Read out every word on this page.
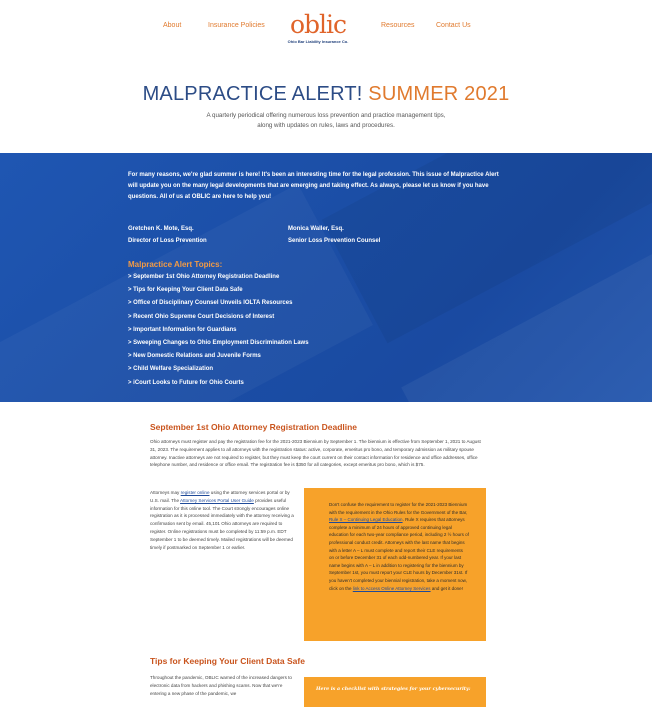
About	Insurance Policies oblic
Ohio Bar Liability Insurance Co.
Resources	Contact Us
MALPRACTICE ALERT! SUMMER 2021
A quarterly periodical offering numerous loss prevention and practice management tips,
along with updates on rules, laws and procedures.
For many reasons, we're glad summer is here! It's been an interesting time for the legal profession. This issue of Malpractice Alert will update you on the many legal developments that are emerging and taking effect. As always, please let us know if you have questions. All of us at OBLIC are here to help you!
Gretchen K. Mote, Esq.
Director of Loss Prevention
Monica Waller, Esq.
Senior Loss Prevention Counsel
Malpractice Alert Topics:
> September 1st Ohio Attorney Registration Deadline
> Tips for Keeping Your Client Data Safe
> Office of Disciplinary Counsel Unveils IOLTA Resources
> Recent Ohio Supreme Court Decisions of Interest
> Important Information for Guardians
> Sweeping Changes to Ohio Employment Discrimination Laws
> New Domestic Relations and Juvenile Forms
> Child Welfare Specialization
> iCourt Looks to Future for Ohio Courts
September 1st Ohio Attorney Registration Deadline
Ohio attorneys must register and pay the registration fee for the 2021-2023 Biennium by September 1. The biennium is effective from September 1, 2021 to August 31, 2023. The requirement applies to all attorneys with the registration status: active, corporate, emeritus pro bono, and temporary admission as military spouse attorney. Inactive attorneys are not required to register, but they must keep the court current on their contact information for residence and office addresses, office telephone number, and residence or office email. The registration fee is $350 for all categories, except emeritus pro bono, which is $75.
Attorneys may register online using the attorney services portal or by U.S. mail. The Attorney Services Portal User Guide provides useful information for this online tool. The Court strongly encourages online registration as it is processed immediately with the attorney receiving a confirmation sent by email. 45,101 Ohio attorneys are required to register. Online registrations must be completed by 11:59 p.m. EDT September 1 to be deemed timely. Mailed registrations will be deemed timely if postmarked on September 1 or earlier.
Don't confuse the requirement to register for the 2021-2023 Biennium with the requirement in the Ohio Rules for the Government of the Bar, Rule X – Continuing Legal Education. Rule X requires that attorneys complete a minimum of 24 hours of approved continuing legal education for each two-year compliance period, including 2 ½ hours of professional conduct credit. Attorneys with the last name that begins with a letter A – L must complete and report their CLE requirements on or before December 31 of each odd-numbered year. If your last name begins with A – L in addition to registering for the biennium by September 1st, you must report your CLE hours by December 31st. If you haven't completed your biennial registration, take a moment now, click on the link to Access Online Attorney Services and get it done!
Tips for Keeping Your Client Data Safe
Throughout the pandemic, OBLIC warned of the increased dangers to electronic data from hackers and phishing scams. Now that we're entering a new phase of the pandemic, we
Here is a checklist with strategies for your cybersecurity:
